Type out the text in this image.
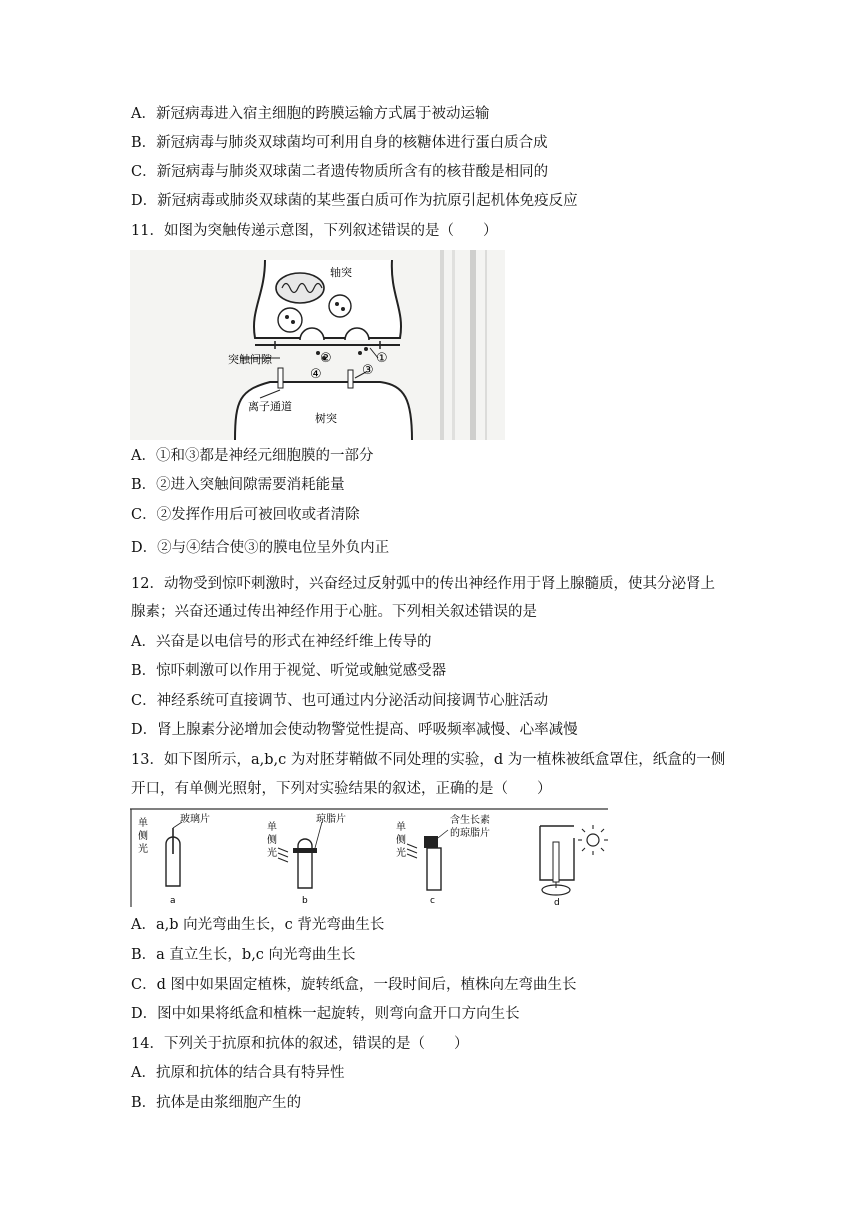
A．新冠病毒进入宿主细胞的跨膜运输方式属于被动运输
B．新冠病毒与肺炎双球菌均可利用自身的核糖体进行蛋白质合成
C．新冠病毒与肺炎双球菌二者遗传物质所含有的核苷酸是相同的
D．新冠病毒或肺炎双球菌的某些蛋白质可作为抗原引起机体免疫反应
11．如图为突触传递示意图，下列叙述错误的是（　　）
①
②
③
④
轴突
突触间隙
离子通道
树突
A．①和③都是神经元细胞膜的一部分
B．②进入突触间隙需要消耗能量
C．②发挥作用后可被回收或者清除
D．②与④结合使③的膜电位呈外负内正
12．动物受到惊吓刺激时，兴奋经过反射弧中的传出神经作用于肾上腺髓质，使其分泌肾上
腺素；兴奋还通过传出神经作用于心脏。下列相关叙述错误的是
A．兴奋是以电信号的形式在神经纤维上传导的
B．惊吓刺激可以作用于视觉、听觉或触觉感受器
C．神经系统可直接调节、也可通过内分泌活动间接调节心脏活动
D．肾上腺素分泌增加会使动物警觉性提高、呼吸频率减慢、心率减慢
13．如下图所示，a,b,c 为对胚芽鞘做不同处理的实验，d 为一植株被纸盒罩住，纸盒的一侧
开口，有单侧光照射，下列对实验结果的叙述，正确的是（　　）
单
侧
光
玻璃片
a
单
侧
光
琼脂片
b
单
侧
光
含生长素
的琼脂片
c	d
A．a,b 向光弯曲生长，c 背光弯曲生长
B．a 直立生长，b,c 向光弯曲生长
C．d 图中如果固定植株，旋转纸盒，一段时间后，植株向左弯曲生长
D．图中如果将纸盒和植株一起旋转，则弯向盒开口方向生长
14．下列关于抗原和抗体的叙述，错误的是（　　）
A．抗原和抗体的结合具有特异性
B．抗体是由浆细胞产生的
